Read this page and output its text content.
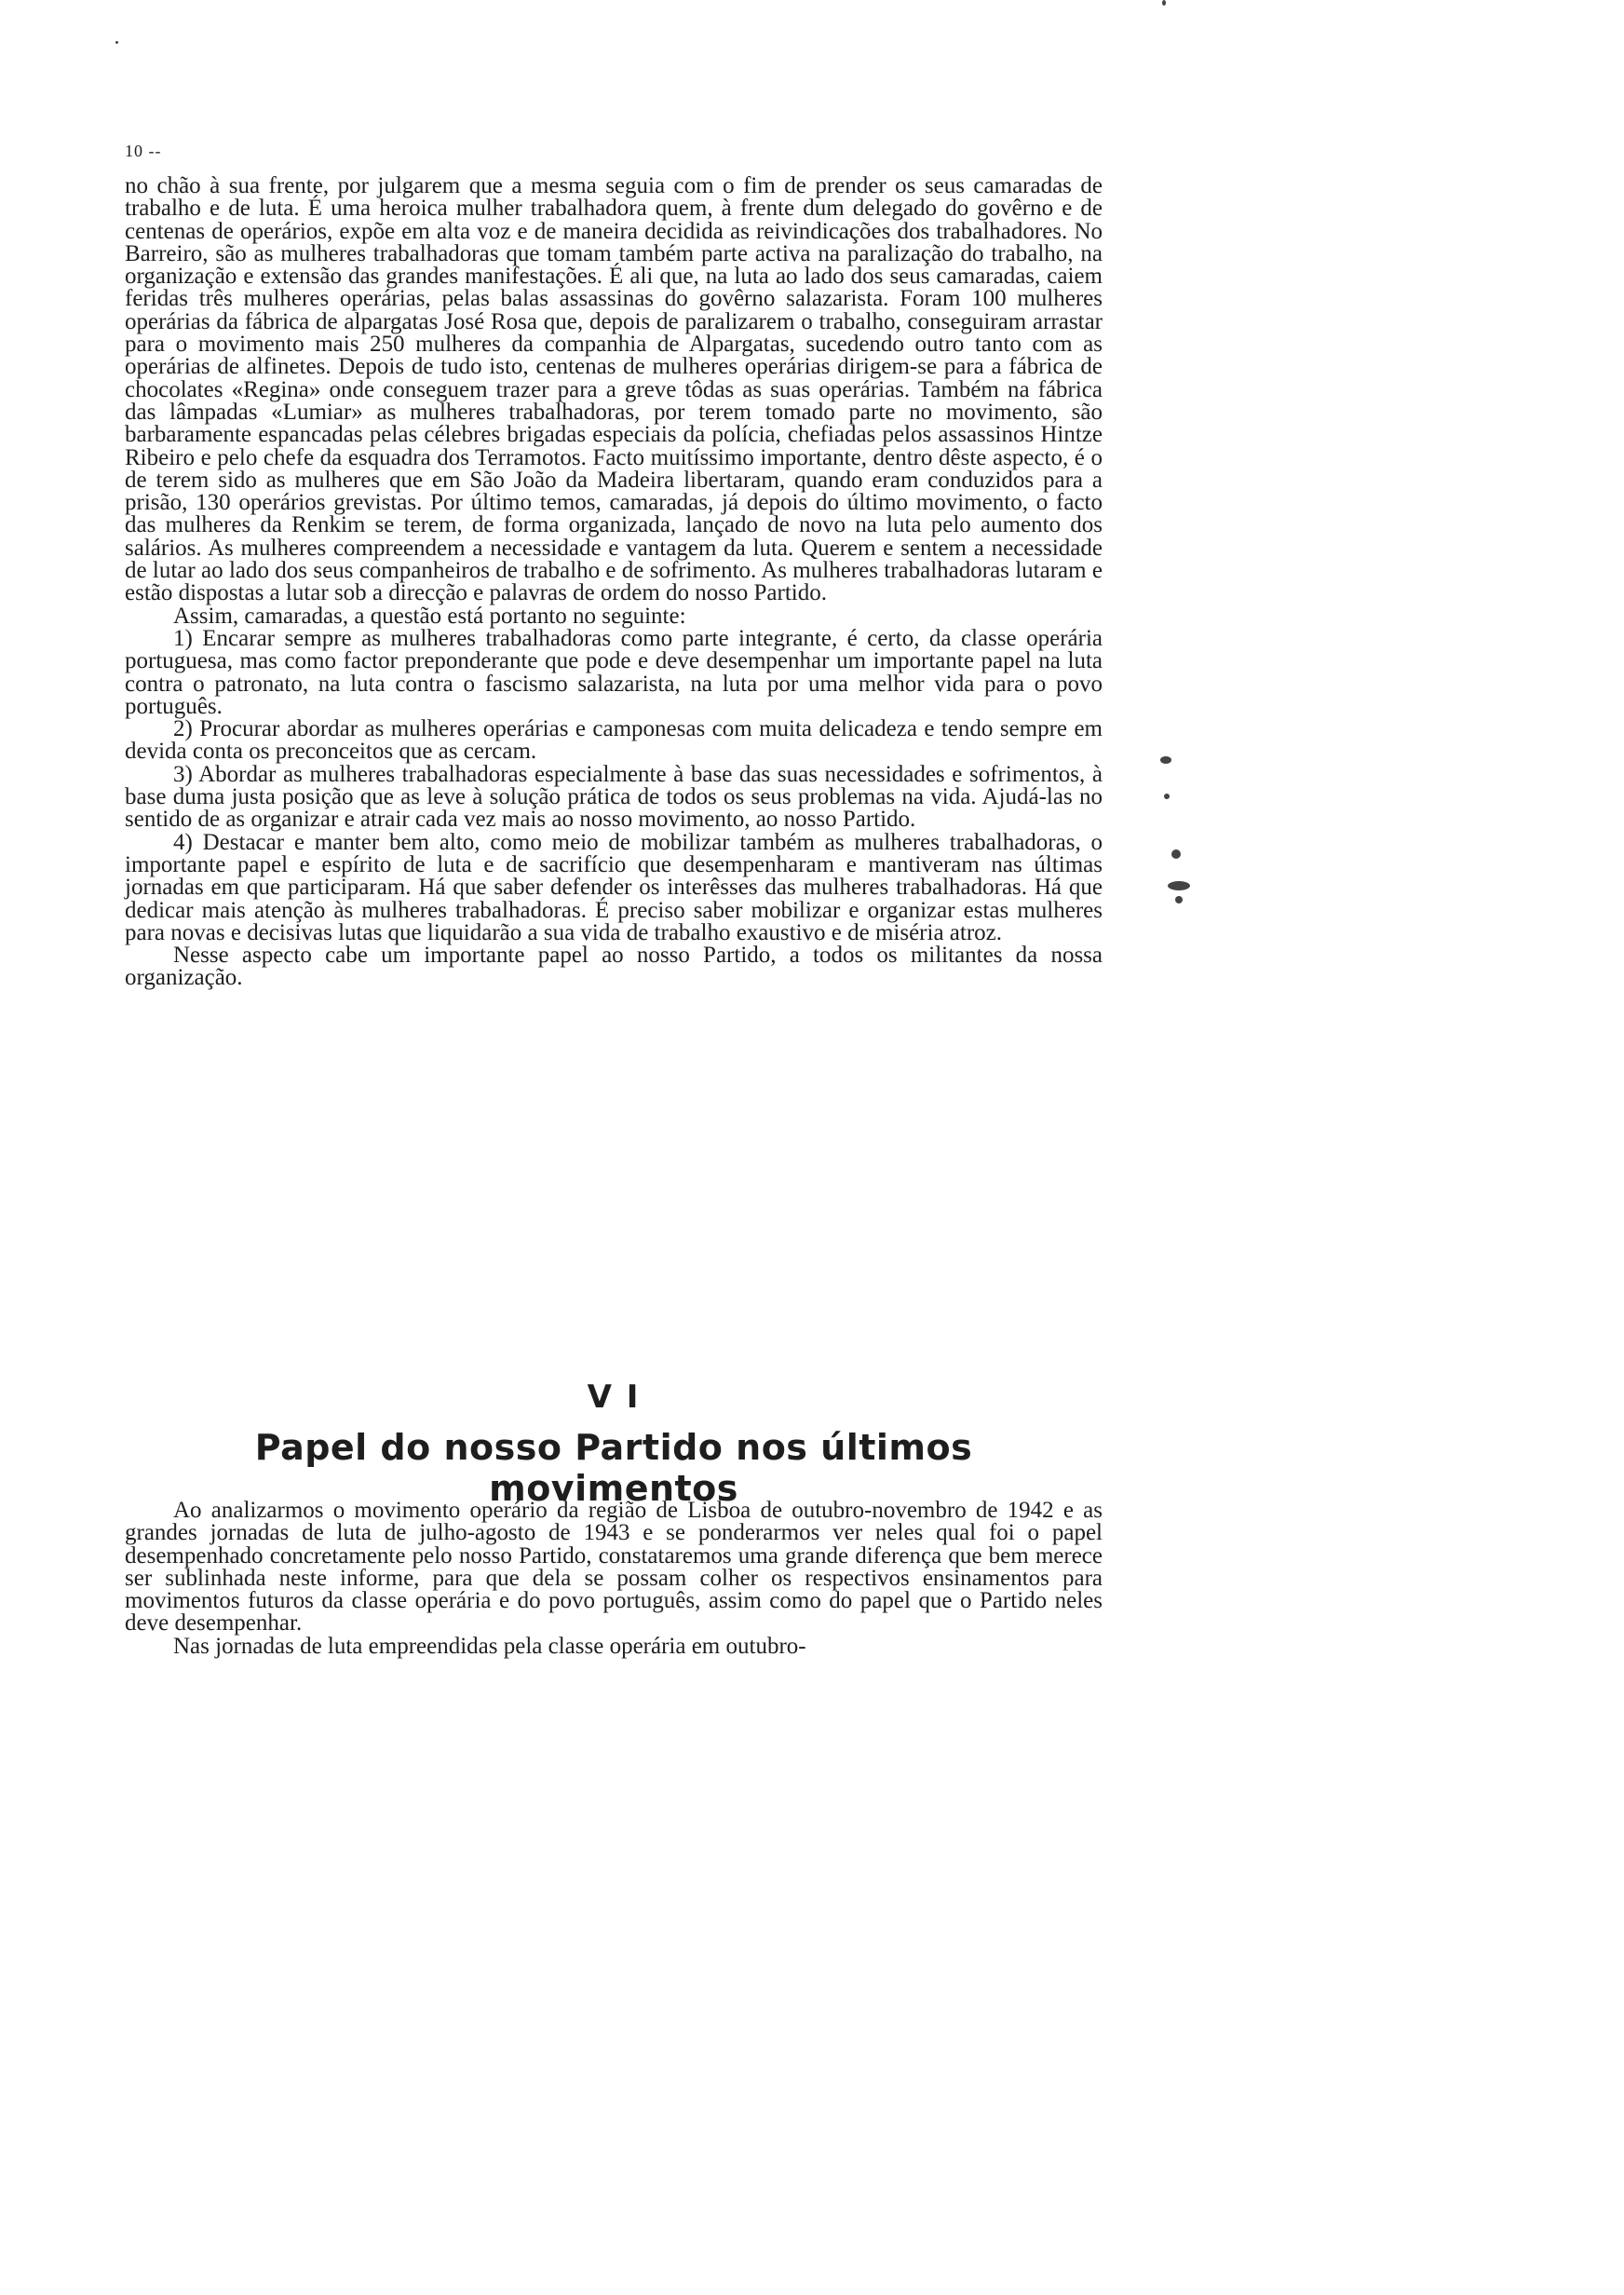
10 --

no chão à sua frente, por julgarem que a mesma seguia com o fim de prender os seus camaradas de trabalho e de luta. É uma heroica mulher trabalhadora quem, à frente dum delegado do govêrno e de centenas de operários, expõe em alta voz e de maneira decidida as reivindicações dos trabalhadores. No Barreiro, são as mulheres trabalhadoras que tomam também parte activa na paralização do trabalho, na organização e extensão das grandes manifestações. É ali que, na luta ao lado dos seus camaradas, caiem feridas três mulheres operárias, pelas balas assassinas do govêrno salazarista. Foram 100 mulheres operárias da fábrica de alpargatas José Rosa que, depois de paralizarem o trabalho, conseguiram arrastar para o movimento mais 250 mulheres da companhia de Alpargatas, sucedendo outro tanto com as operárias de alfinetes. Depois de tudo isto, centenas de mulheres operárias dirigem-se para a fábrica de chocolates «Regina» onde conseguem trazer para a greve tôdas as suas operárias. Também na fábrica das lâmpadas «Lumiar» as mulheres trabalhadoras, por terem tomado parte no movimento, são barbaramente espancadas pelas célebres brigadas especiais da polícia, chefiadas pelos assassinos Hintze Ribeiro e pelo chefe da esquadra dos Terramotos. Facto muitíssimo importante, dentro dêste aspecto, é o de terem sido as mulheres que em São João da Madeira libertaram, quando eram conduzidos para a prisão, 130 operários grevistas. Por último temos, camaradas, já depois do último movimento, o facto das mulheres da Renkim se terem, de forma organizada, lançado de novo na luta pelo aumento dos salários. As mulheres compreendem a necessidade e vantagem da luta. Querem e sentem a necessidade de lutar ao lado dos seus companheiros de trabalho e de sofrimento. As mulheres trabalhadoras lutaram e estão dispostas a lutar sob a direcção e palavras de ordem do nosso Partido.

Assim, camaradas, a questão está portanto no seguinte:

1) Encarar sempre as mulheres trabalhadoras como parte integrante, é certo, da classe operária portuguesa, mas como factor preponderante que pode e deve desempenhar um importante papel na luta contra o patronato, na luta contra o fascismo salazarista, na luta por uma melhor vida para o povo português.

2) Procurar abordar as mulheres operárias e camponesas com muita delicadeza e tendo sempre em devida conta os preconceitos que as cercam.

3) Abordar as mulheres trabalhadoras especialmente à base das suas necessidades e sofrimentos, à base duma justa posição que as leve à solução prática de todos os seus problemas na vida. Ajudá-las no sentido de as organizar e atrair cada vez mais ao nosso movimento, ao nosso Partido.

4) Destacar e manter bem alto, como meio de mobilizar também as mulheres trabalhadoras, o importante papel e espírito de luta e de sacrifício que desempenharam e mantiveram nas últimas jornadas em que participaram. Há que saber defender os interêsses das mulheres trabalhadoras. Há que dedicar mais atenção às mulheres trabalhadoras. É preciso saber mobilizar e organizar estas mulheres para novas e decisivas lutas que liquidarão a sua vida de trabalho exaustivo e de miséria atroz.

Nesse aspecto cabe um importante papel ao nosso Partido, a todos os militantes da nossa organização.

V I
Papel do nosso Partido nos últimos movimentos

Ao analizarmos o movimento operário da região de Lisboa de outubro-novembro de 1942 e as grandes jornadas de luta de julho-agosto de 1943 e se ponderarmos ver neles qual foi o papel desempenhado concretamente pelo nosso Partido, constataremos uma grande diferença que bem merece ser sublinhada neste informe, para que dela se possam colher os respectivos ensinamentos para movimentos futuros da classe operária e do povo português, assim como do papel que o Partido neles deve desempenhar.

Nas jornadas de luta empreendidas pela classe operária em outubro-
